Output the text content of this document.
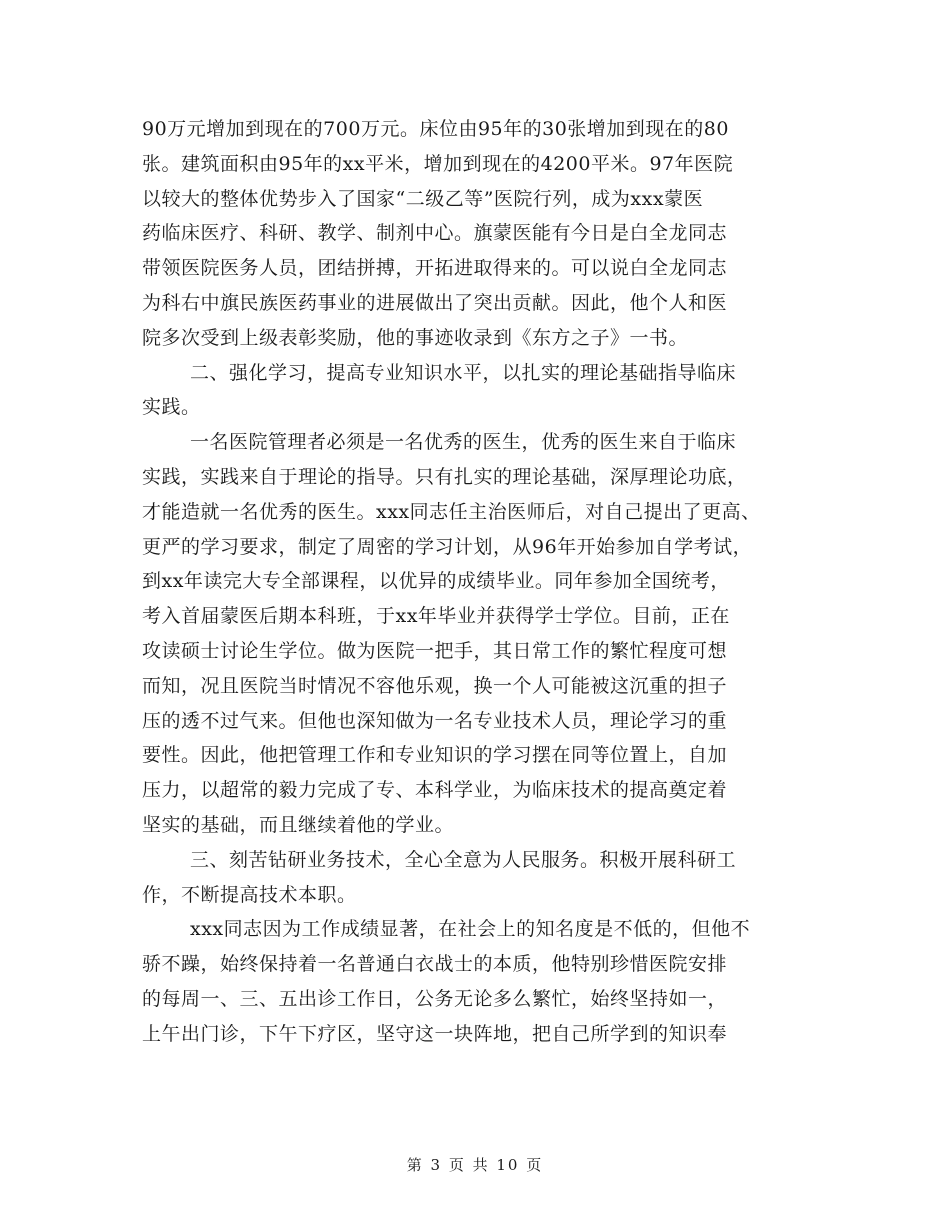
90万元增加到现在的700万元。床位由95年的30张增加到现在的80
张。建筑面积由95年的xx平米，增加到现在的4200平米。97年医院
以较大的整体优势步入了国家“二级乙等”医院行列，成为xxx蒙医
药临床医疗、科研、教学、制剂中心。旗蒙医能有今日是白全龙同志
带领医院医务人员，团结拼搏，开拓进取得来的。可以说白全龙同志
为科右中旗民族医药事业的进展做出了突出贡献。因此，他个人和医
院多次受到上级表彰奖励，他的事迹收录到《东方之子》一书。
二、强化学习，提高专业知识水平，以扎实的理论基础指导临床
实践。
一名医院管理者必须是一名优秀的医生，优秀的医生来自于临床
实践，实践来自于理论的指导。只有扎实的理论基础，深厚理论功底，
才能造就一名优秀的医生。xxx同志任主治医师后，对自己提出了更高、
更严的学习要求，制定了周密的学习计划，从96年开始参加自学考试，
到xx年读完大专全部课程，以优异的成绩毕业。同年参加全国统考，
考入首届蒙医后期本科班，于xx年毕业并获得学士学位。目前，正在
攻读硕士讨论生学位。做为医院一把手，其日常工作的繁忙程度可想
而知，况且医院当时情况不容他乐观，换一个人可能被这沉重的担子
压的透不过气来。但他也深知做为一名专业技术人员，理论学习的重
要性。因此，他把管理工作和专业知识的学习摆在同等位置上，自加
压力，以超常的毅力完成了专、本科学业，为临床技术的提高奠定着
坚实的基础，而且继续着他的学业。
三、刻苦钻研业务技术，全心全意为人民服务。积极开展科研工
作，不断提高技术本职。
xxx同志因为工作成绩显著，在社会上的知名度是不低的，但他不
骄不躁，始终保持着一名普通白衣战士的本质，他特别珍惜医院安排
的每周一、三、五出诊工作日，公务无论多么繁忙，始终坚持如一，
上午出门诊，下午下疗区，坚守这一块阵地，把自己所学到的知识奉
第 3 页 共 10 页
